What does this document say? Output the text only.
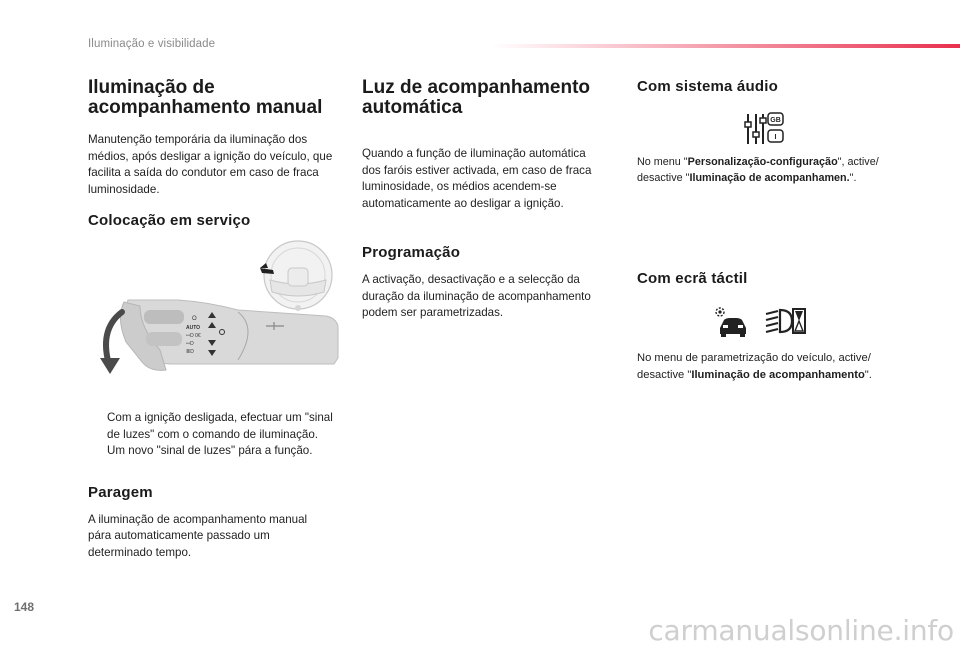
Iluminação e visibilidade
Iluminação de acompanhamento manual

Manutenção temporária da iluminação dos médios, após desligar a ignição do veículo, que facilita a saída do condutor em caso de fraca luminosidade.

Colocação em serviço
O
AUTO
ꟷD 0€
ꟷD
≣D
Com a ignição desligada, efectuar um "sinal de luzes" com o comando de iluminação.
Um novo "sinal de luzes" pára a função.
Paragem

A iluminação de acompanhamento manual pára automaticamente passado um determinado tempo.

Luz de acompanhamento automática

Quando a função de iluminação automática dos faróis estiver activada, em caso de fraca luminosidade, os médios acendem-se automaticamente ao desligar a ignição.

Programação

A activação, desactivação e a selecção da duração da iluminação de acompanhamento podem ser parametrizadas.

Com sistema áudio
GB
I

No menu "Personalização-configuração", active/ desactive "Iluminação de acompanhamen.".

Com ecrã táctil

No menu de parametrização do veículo, active/ desactive "Iluminação de acompanhamento".

148
carmanualsonline.info
